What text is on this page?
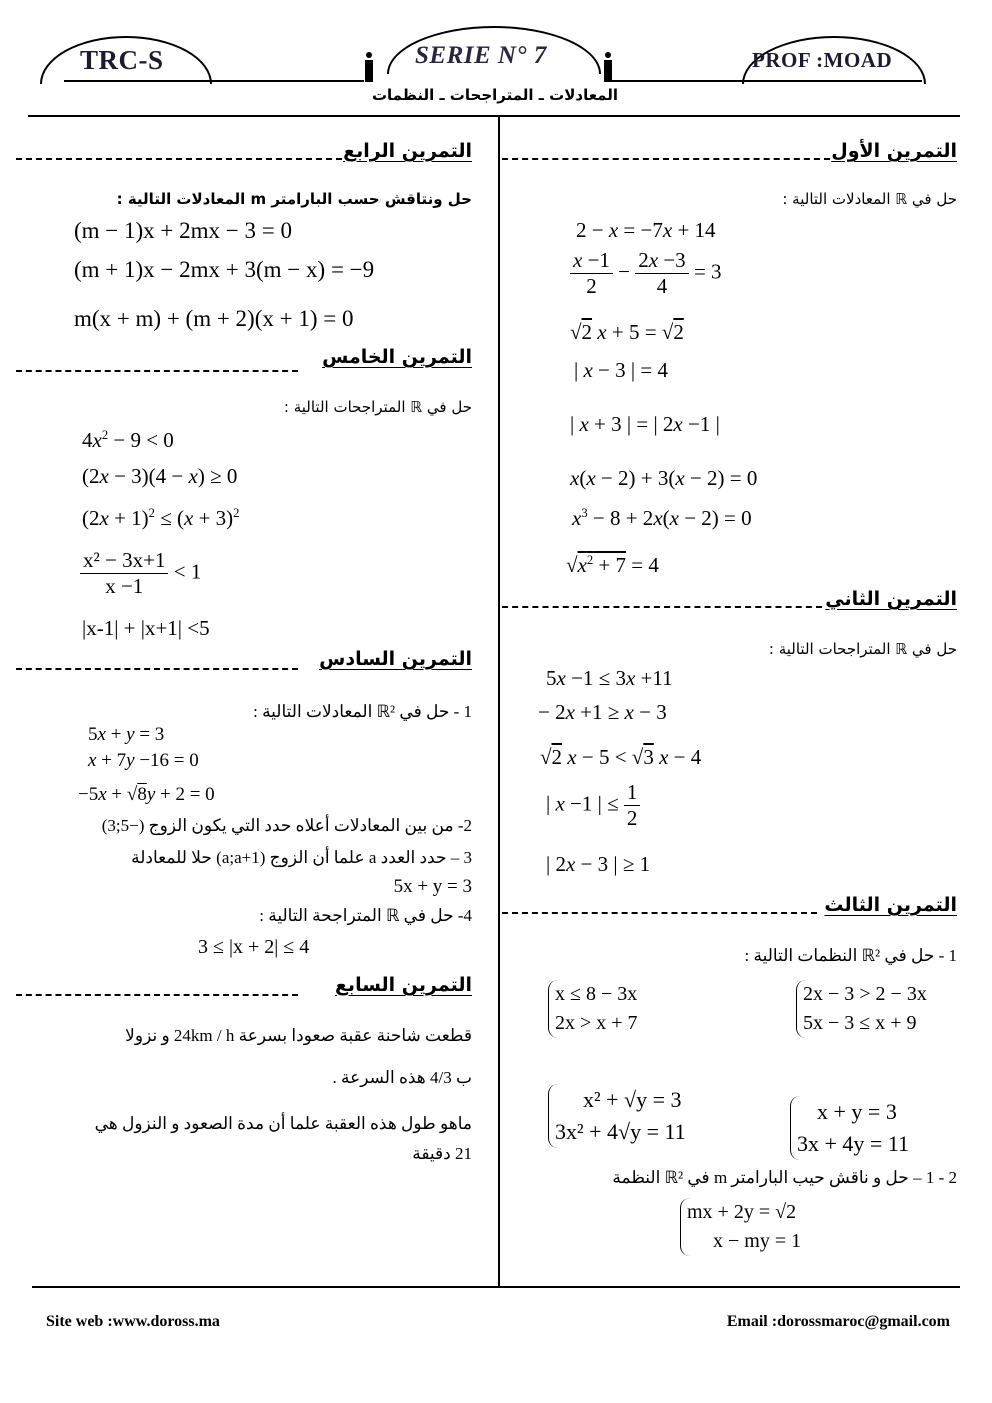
TRC-S	SERIE N° 7	PROF :MOAD
المعادلات ـ المتراجحات ـ النظمات
التمرين الأول
حل في ℝ المعادلات التالية :
2 − x = −7x + 14
$\frac{x -1}{2} - \frac{2x -3}{4} = 3$
√2 x + 5 = √2
| x − 3 | = 4
| x + 3 | = | 2x −1 |
x(x − 2) + 3(x − 2) = 0
$x^3 - 8 + 2x(x - 2) = 0$
$√x^2 + 7 = 4$
التمرين الثاني
حل في ℝ المتراجحات التالية :
5x −1 ≤ 3x +11
− 2x +1 ≥ x − 3
√2 x − 5 < √3 x − 4
| x −1 | ≤ $\frac{1}{2}$
| 2x − 3 | ≥ 1
التمرين الثالث
1 - حل في ℝ² النظمات التالية :
2x − 3 > 2 − 3x
5x − 3 ≤ x + 9
x ≤ 8 − 3x
2x > x + 7
x + y = 3
3x + 4y = 11
x² + √y = 3
3x² + 4√y = 11
2 - 1 – حل و ناقش حيب البارامتر m في ℝ² النظمة
mx + 2y = √2
x − my = 1
التمرين الرابع
حل ونتاقش حسب البارامتر m المعادلات التالية :
(m − 1)x + 2mx − 3 = 0
(m + 1)x − 2mx + 3(m − x) = −9
m(x + m) + (m + 2)(x + 1) = 0
التمرين الخامس
حل في ℝ المتراجحات التالية :
$4x^2 - 9 < 0$
(2x − 3)(4 − x) ≥ 0
$(2x + 1)^2 \le (x + 3)^2$
$\frac{\text{x² − 3x+1}}{x -1} < 1$
|x-1| + |x+1| <5
التمرين السادس
1 - حل في ℝ² المعادلات التالية :
5x + y = 3
x + 7y −16 = 0
−5x + √8y + 2 = 0
2- من بين المعادلات أعلاه حدد التي يكون الزوج (−5;3)
3 – حدد العدد a علما أن الزوج (a;a+1) حلا للمعادلة
5x + y = 3
4- حل في ℝ المتراجحة التالية :
3 ≤ |x + 2| ≤ 4
التمرين السابع
قطعت شاحنة عقبة صعودا بسرعة 24km / h و نزولا
ب 4/3 هذه السرعة .
ماهو طول هذه العقبة علما أن مدة الصعود و النزول هي
21 دقيقة
Site web :www.doross.ma	Email :dorossmaroc@gmail.com
